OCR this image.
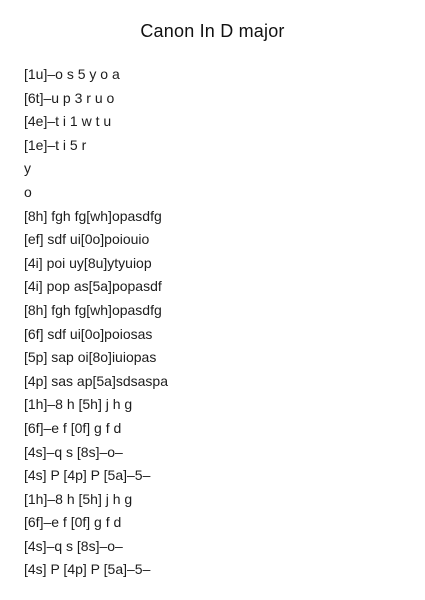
Canon In D major
[1u]–o s 5 y o a
[6t]–u p 3 r u o
[4e]–t i 1 w t u
[1e]–t i 5 r
y
o
[8h] fgh fg[wh]opasdfg
[ef] sdf ui[0o]poiouio
[4i] poi uy[8u]ytyuiop
[4i] pop as[5a]popasdf
[8h] fgh fg[wh]opasdfg
[6f] sdf ui[0o]poiosas
[5p] sap oi[8o]iuiopas
[4p] sas ap[5a]sdsaspa
[1h]–8 h [5h] j h g
[6f]–e f [0f] g f d
[4s]–q s [8s]–o–
[4s] P [4p] P [5a]–5–
[1h]–8 h [5h] j h g
[6f]–e f [0f] g f d
[4s]–q s [8s]–o–
[4s] P [4p] P [5a]–5–
